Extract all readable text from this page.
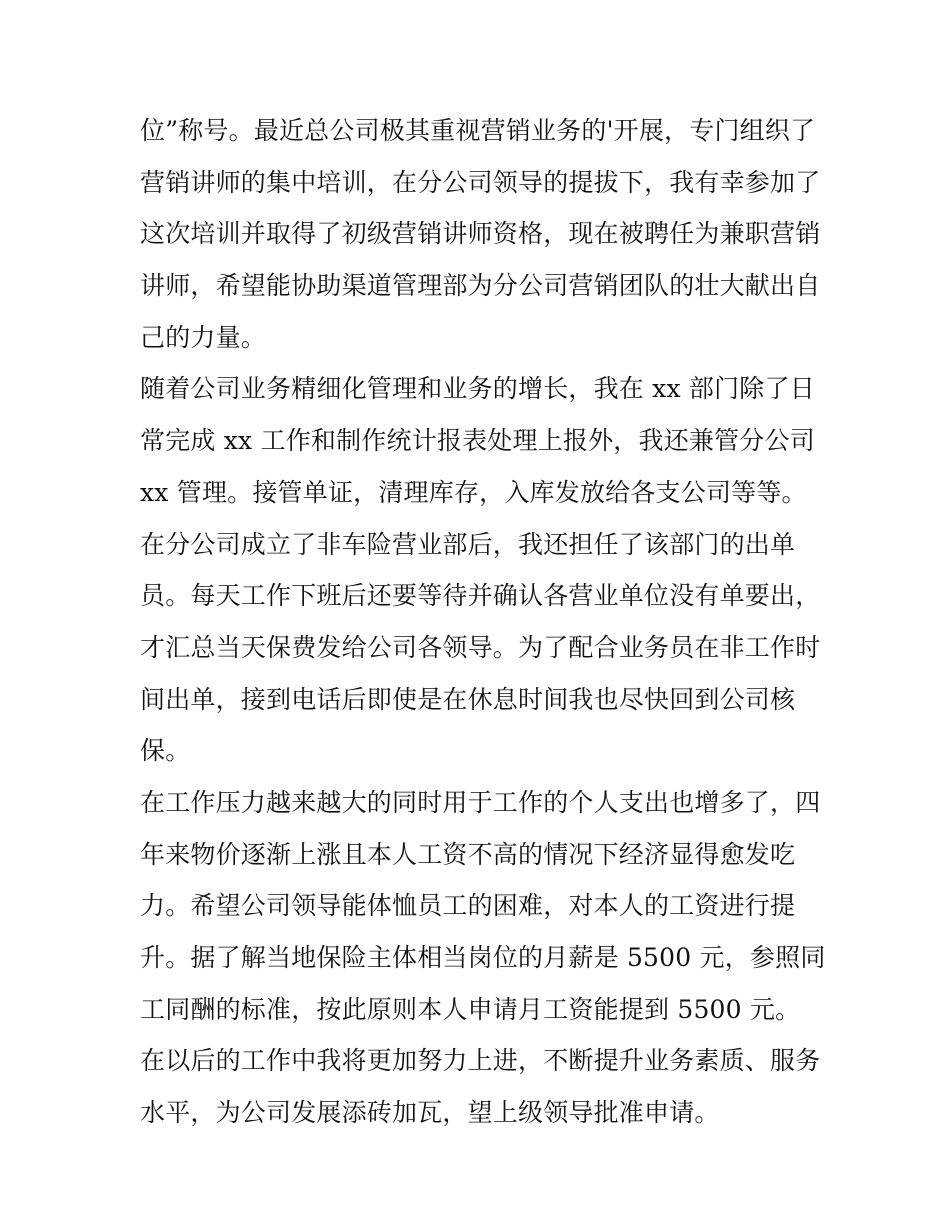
位”称号。最近总公司极其重视营销业务的'开展，专门组织了
营销讲师的集中培训，在分公司领导的提拔下，我有幸参加了
这次培训并取得了初级营销讲师资格，现在被聘任为兼职营销
讲师，希望能协助渠道管理部为分公司营销团队的壮大献出自
己的力量。
随着公司业务精细化管理和业务的增长，我在 xx 部门除了日
常完成 xx 工作和制作统计报表处理上报外，我还兼管分公司
xx 管理。接管单证，清理库存，入库发放给各支公司等等。
在分公司成立了非车险营业部后，我还担任了该部门的出单
员。每天工作下班后还要等待并确认各营业单位没有单要出，
才汇总当天保费发给公司各领导。为了配合业务员在非工作时
间出单，接到电话后即使是在休息时间我也尽快回到公司核
保。
在工作压力越来越大的同时用于工作的个人支出也增多了，四
年来物价逐渐上涨且本人工资不高的情况下经济显得愈发吃
力。希望公司领导能体恤员工的困难，对本人的工资进行提
升。据了解当地保险主体相当岗位的月薪是 5500 元，参照同
工同酬的标准，按此原则本人申请月工资能提到 5500 元。
在以后的工作中我将更加努力上进，不断提升业务素质、服务
水平，为公司发展添砖加瓦，望上级领导批准申请。
